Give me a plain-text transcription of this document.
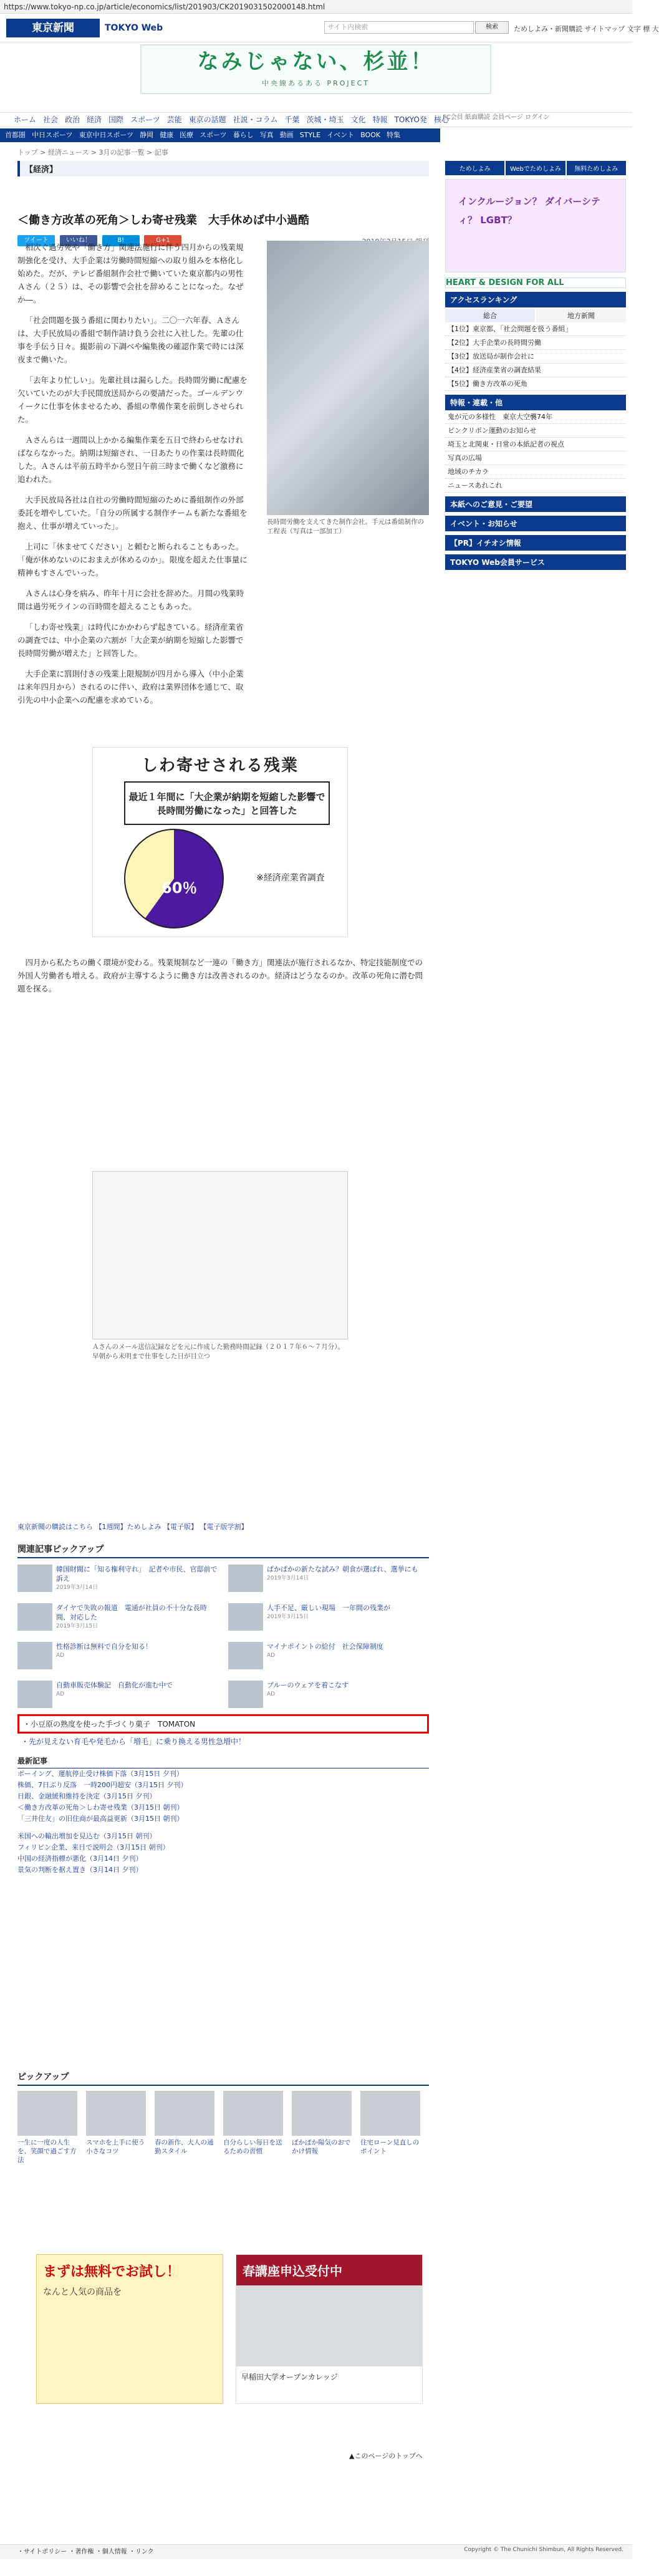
https://www.tokyo-np.co.jp/article/economics/list/201903/CK2019031502000148.html
東京新聞	TOKYO Web	サイト内検索	検索	ためしよみ・新聞購読 サイトマップ 文字 標 大
なみじゃない、杉並！
中央線あるある PROJECT
ホーム 社会 政治 経済 国際 スポーツ 芸能 東京の話題 社説・コラム 千葉 茨城・埼玉 文化 特報 TOKYO発 核心
FC会員 紙面購読 会員ページ ログイン
首都圏 中日スポーツ 東京中日スポーツ 静岡 健康 医療 スポーツ 暮らし 写真 動画 STYLE イベント BOOK 特集
トップ > 経済ニュース > 3月の記事一覧 > 記事
【経済】
＜働き方改革の死角＞しわ寄せ残業　大手休めば中小過酷
ツイート	いいね！	B!	G+1

相次ぐ過労死や「働き方」関連法施行に伴う四月からの残業規制強化を受け、大手企業は労働時間短縮への取り組みを本格化し始めた。だが、テレビ番組制作会社で働いていた東京都内の男性Ａさん（２５）は、その影響で会社を辞めることになった。なぜか―。

「社会問題を扱う番組に関わりたい」。二〇一六年春、Ａさんは、大手民放局の番組で制作請け負う会社に入社した。先輩の仕事を手伝う日々。撮影前の下調べや編集後の確認作業で時には深夜まで働いた。

「去年より忙しい」。先輩社員は漏らした。長時間労働に配慮を欠いていたのが大手民間放送局からの要請だった。ゴールデンウイークに仕事を休ませるため、番組の準備作業を前倒しさせられた。

Ａさんらは一週間以上かかる編集作業を五日で終わらせなければならなかった。納期は短縮され、一日あたりの作業は長時間化した。Ａさんは平前五時半から翌日午前三時まで働くなど激務に追われた。

大手民放局各社は自社の労働時間短縮のために番組制作の外部委託を増やしていた。「自分の所属する制作チームも新たな番組を抱え、仕事が増えていった」。

上司に「休ませてください」と頼むと断られることもあった。「俺が休めないのにおまえが休めるのか」。限度を超えた仕事量に精神もすさんでいった。

Ａさんは心身を病み、昨年十月に会社を辞めた。月間の残業時間は過労死ラインの百時間を超えることもあった。

「しわ寄せ残業」は時代にかかわらず起きている。経済産業省の調査では、中小企業の六割が「大企業が納期を短縮した影響で長時間労働が増えた」と回答した。

大手企業に罰則付きの残業上限規制が四月から導入（中小企業は来年四月から）されるのに伴い、政府は業界団体を通じて、取引先の中小企業への配慮を求めている。

長時間労働を支えてきた制作会社。手元は番組制作の工程表（写真は一部加工）
しわ寄せされる残業
最近１年間に「大企業が納期を短縮した影響で長時間労働になった」と回答した
60％
※経済産業省調査

四月から私たちの働く環境が変わる。残業規制など一連の「働き方」関連法が施行されるなか、特定技能制度での外国人労働者も増える。政府が主導するように働き方は改善されるのか。経済はどうなるのか。改革の死角に潜む問題を探る。

Ａさんのメール送信記録などを元に作成した勤務時間記録（２０１７年６〜７月分）。早朝から未明まで仕事をした日が目立つ
東京新聞の購読はこちら 【1週間】ためしよみ 【電子版】 【電子版学割】
関連記事ピックアップ
韓国財閥に「知る権利守れ」　記者や市民、官邸前で訴え
2019年3月14日
ぱかぱかの新たな試み？朝食が選ばれ、選挙にも
2019年3月14日
ダイヤで失敗の報道　電通が社員の不十分な長時間、対応した
2019年3月15日
人手不足、厳しい現場　一年間の残業が
2019年3月15日
性格診断は無料で自分を知る！
AD
マイナポイントの給付　社会保障制度
AD
自動車販売体験記　自動化が進む中で
AD
ブルーのウェアを着こなす
AD
・小豆原の熟度を使った手づくり菓子　TOMATON
・先が見えない育毛や発毛から「増毛」に乗り換える男性急増中！
最新記事
ボーイング、運航停止受け株価下落（3月15日 夕刊）
株価、7日ぶり反落　一時200円超安（3月15日 夕刊）
日銀、金融緩和維持を決定（3月15日 夕刊）
＜働き方改革の死角＞しわ寄せ残業（3月15日 朝刊）
「三井住友」の旧住商が最高益更新（3月15日 朝刊）
米国への輸出増加を見込む（3月15日 朝刊）
フィリピン企業、来日で説明会（3月15日 朝刊）
中国の経済指標が悪化（3月14日 夕刊）
景気の判断を据え置き（3月14日 夕刊）
ピックアップ
一生に一度の人生を、笑顔で過ごす方法
スマホを上手に使う小さなコツ
春の新作、大人の通勤スタイル
自分らしい毎日を送るための習慣
ぽかぽか陽気のおでかけ情報
住宅ローン見直しのポイント
まずは無料でお試し！
なんと人気の商品を
春講座申込受付中
早稲田大学オープンカレッジ
▲このページのトップへ
ためしよみ	Webでためしよみ	無料ためしよみ
インクルージョン？ ダイバーシティ？ LGBT？
HEART & DESIGN FOR ALL
アクセスランキング
総合	地方新聞
【1位】東京都、「社会問題を扱う番組」
【2位】大手企業の長時間労働
【3位】放送局が制作会社に
【4位】経済産業省の調査結果
【5位】働き方改革の死角
特報・連載・他
鬼が元の多様性　東京大空襲74年
ピンクリボン運動のお知らせ
埼玉と北関東・日常の本紙記者の視点
写真の広場
地域のチカラ
ニュースあれこれ
本紙へのご意見・ご要望
イベント・お知らせ
【PR】イチオシ情報
TOKYO Web会員サービス
・サイトポリシー ・著作権 ・個人情報 ・リンク	Copyright © The Chunichi Shimbun, All Rights Reserved.
